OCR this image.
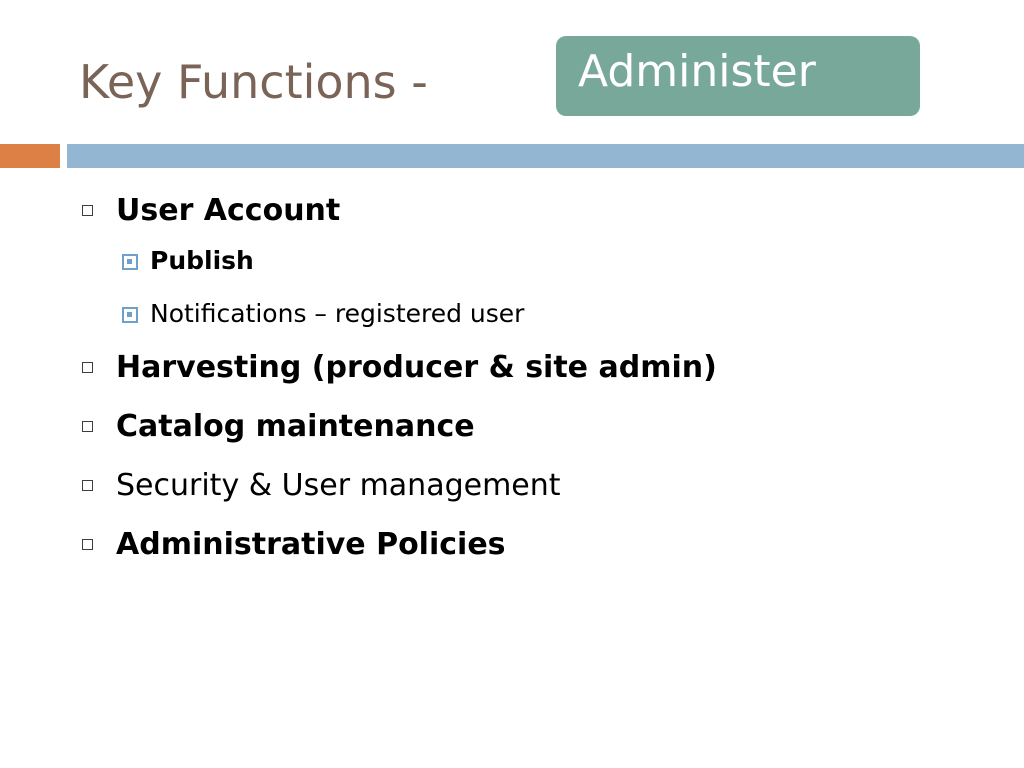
Key Functions -	Administer
User Account
Publish
Notifications – registered user
Harvesting (producer & site admin)
Catalog maintenance
Security & User management
Administrative Policies
